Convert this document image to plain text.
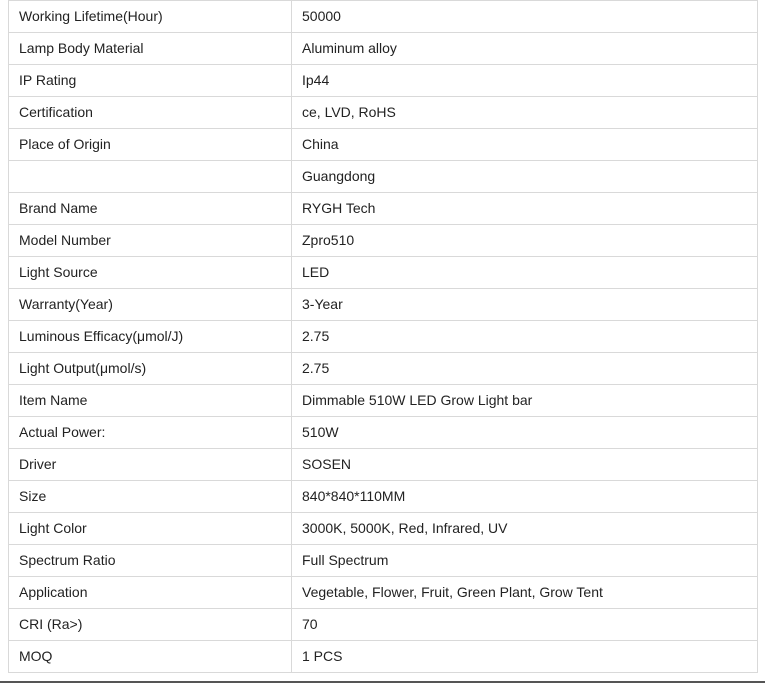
Working Lifetime(Hour)	50000
Lamp Body Material	Aluminum alloy
IP Rating	Ip44
Certification	ce, LVD, RoHS
Place of Origin	China
	Guangdong
Brand Name	RYGH Tech
Model Number	Zpro510
Light Source	LED
Warranty(Year)	3-Year
Luminous Efficacy(μmol/J)	2.75
Light Output(μmol/s)	2.75
Item Name	Dimmable 510W LED Grow Light bar
Actual Power:	510W
Driver	SOSEN
Size	840*840*110MM
Light Color	3000K, 5000K, Red, Infrared, UV
Spectrum Ratio	Full Spectrum
Application	Vegetable, Flower, Fruit, Green Plant, Grow Tent
CRI (Ra>)	70
MOQ	1 PCS
